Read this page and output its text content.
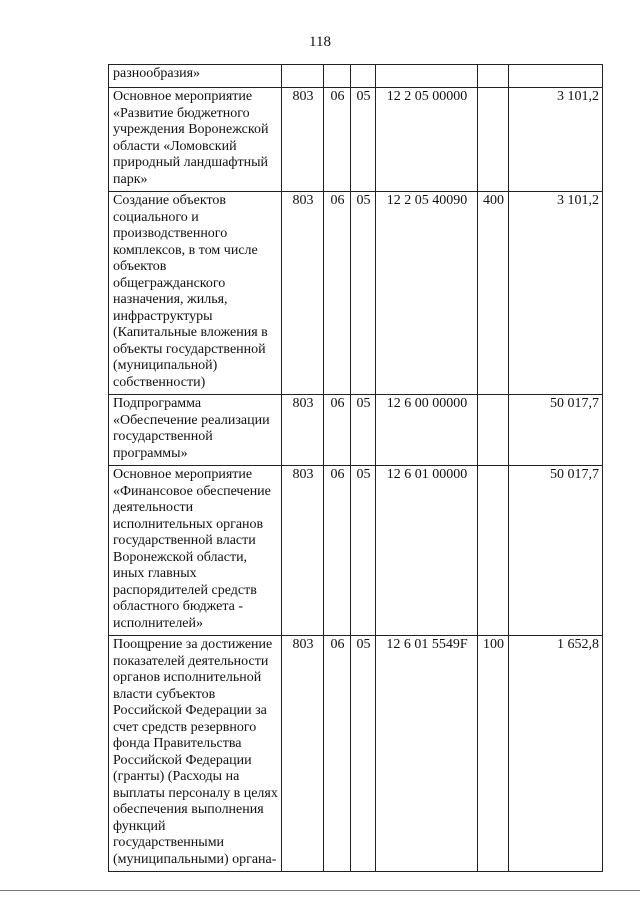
118
разнообразия»						
Основное мероприятие «Развитие бюджетного учреждения Воронежской области «Ломовский природный ландшафтный парк»	803	06	05	12 2 05 00000		3 101,2
Создание объектов социального и производственного комплексов, в том числе объектов общегражданского назначения, жилья, инфраструктуры (Капитальные вложения в объекты государственной (муниципальной) собственности)	803	06	05	12 2 05 40090	400	3 101,2
Подпрограмма «Обеспечение реализации государственной программы»	803	06	05	12 6 00 00000		50 017,7
Основное мероприятие «Финансовое обеспечение деятельности исполнительных органов государственной власти Воронежской области, иных главных распорядителей средств областного бюджета - исполнителей»	803	06	05	12 6 01 00000		50 017,7
Поощрение за достижение показателей деятельности органов исполнительной власти субъектов Российской Федерации за счет средств резервного фонда Правительства Российской Федерации (гранты) (Расходы на выплаты персоналу в целях обеспечения выполнения функций государственными (муниципальными) органа-	803	06	05	12 6 01 5549F	100	1 652,8
